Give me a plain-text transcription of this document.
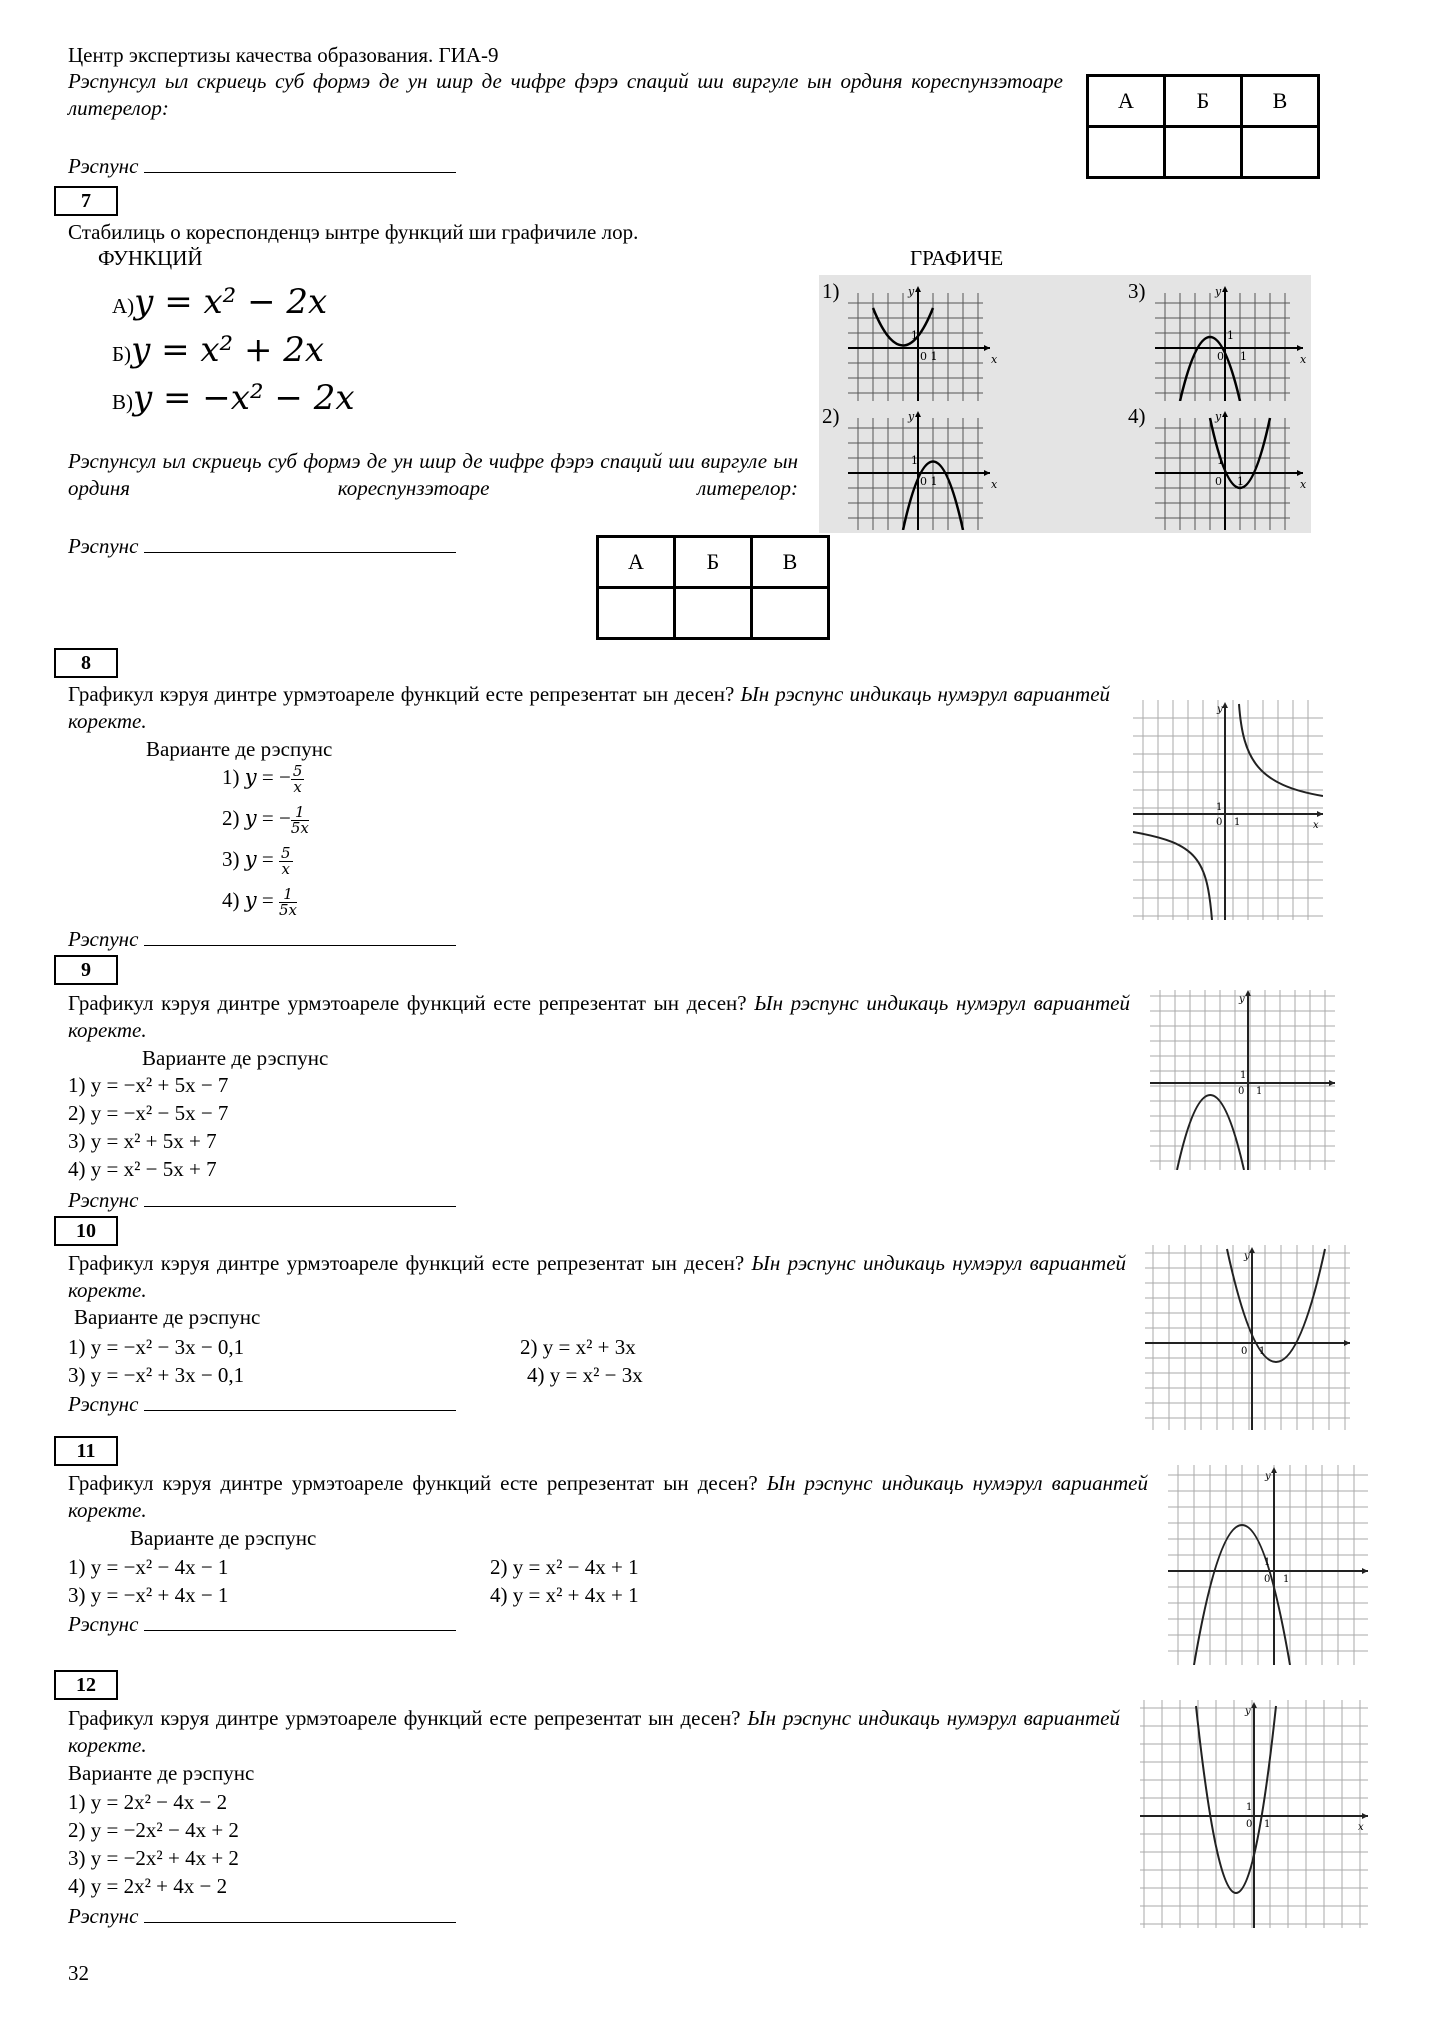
Центр экспертизы качества образования. ГИА-9
Рэспунсул ыл скриець суб формэ де ун шир де чифре фэрэ спаций ши виргуле ын ординя кореспунзэтоаре литерелор:
Рэспунс
А	Б	В

7
Стабилиць о кореспонденцэ ынтре функций ши графичиле лор.
ФУНКЦИЙ	ГРАФИЧЕ
А)y = x² − 2x
Б)y = x² + 2x
В)y = −x² − 2x
1)
2)
3)
4)
y
0 1
1
x
y
0 1
1
x
y
0 1
1
x
y
0 1
1
x
Рэспунсул ыл скриець суб формэ де ун шир де чифре фэрэ спаций ши виргуле ын ординя кореспунзэтоаре литерелор:
Рэспунс
А	Б	В

8
Графикул кэруя динтре урмэтоареле функций есте репрезентат ын десен? Ын рэспунс индикаць нумэрул вариантей коректе.
Варианте де рэспунс
1) y = − $\frac{5}{x}$
2) y = − $\frac{1}{5x}$
3) $y = \frac{5}{x}$
4) $y = \frac{1}{5x}$
Рэспунс
y
1
0 1	x
9
Графикул кэруя динтре урмэтоареле функций есте репрезентат ын десен? Ын рэспунс индикаць нумэрул вариантей коректе.
Варианте де рэспунс
1) y = −x² + 5x − 7
2) y = −x² − 5x − 7
3) y = x² + 5x + 7
4) y = x² − 5x + 7
Рэспунс
y
1
0 1
10
Графикул кэруя динтре урмэтоареле функций есте репрезентат ын десен? Ын рэспунс индикаць нумэрул вариантей коректе.
Варианте де рэспунс
1) y = −x² − 3x − 0,1	2) y = x² + 3x
3) y = −x² + 3x − 0,1	4) y = x² − 3x
Рэспунс
y
0 1
11
Графикул кэруя динтре урмэтоареле функций есте репрезентат ын десен? Ын рэспунс индикаць нумэрул вариантей коректе.
Варианте де рэспунс
1) y = −x² − 4x − 1	2) y = x² − 4x + 1
3) y = −x² + 4x − 1	4) y = x² + 4x + 1
Рэспунс
y
1
0 1
12
Графикул кэруя динтре урмэтоареле функций есте репрезентат ын десен? Ын рэспунс индикаць нумэрул вариантей коректе.
Варианте де рэспунс
1) y = 2x² − 4x − 2
2) y = −2x² − 4x + 2
3) y = −2x² + 4x + 2
4) y = 2x² + 4x − 2
Рэспунс
y
1
0 1	x
32
